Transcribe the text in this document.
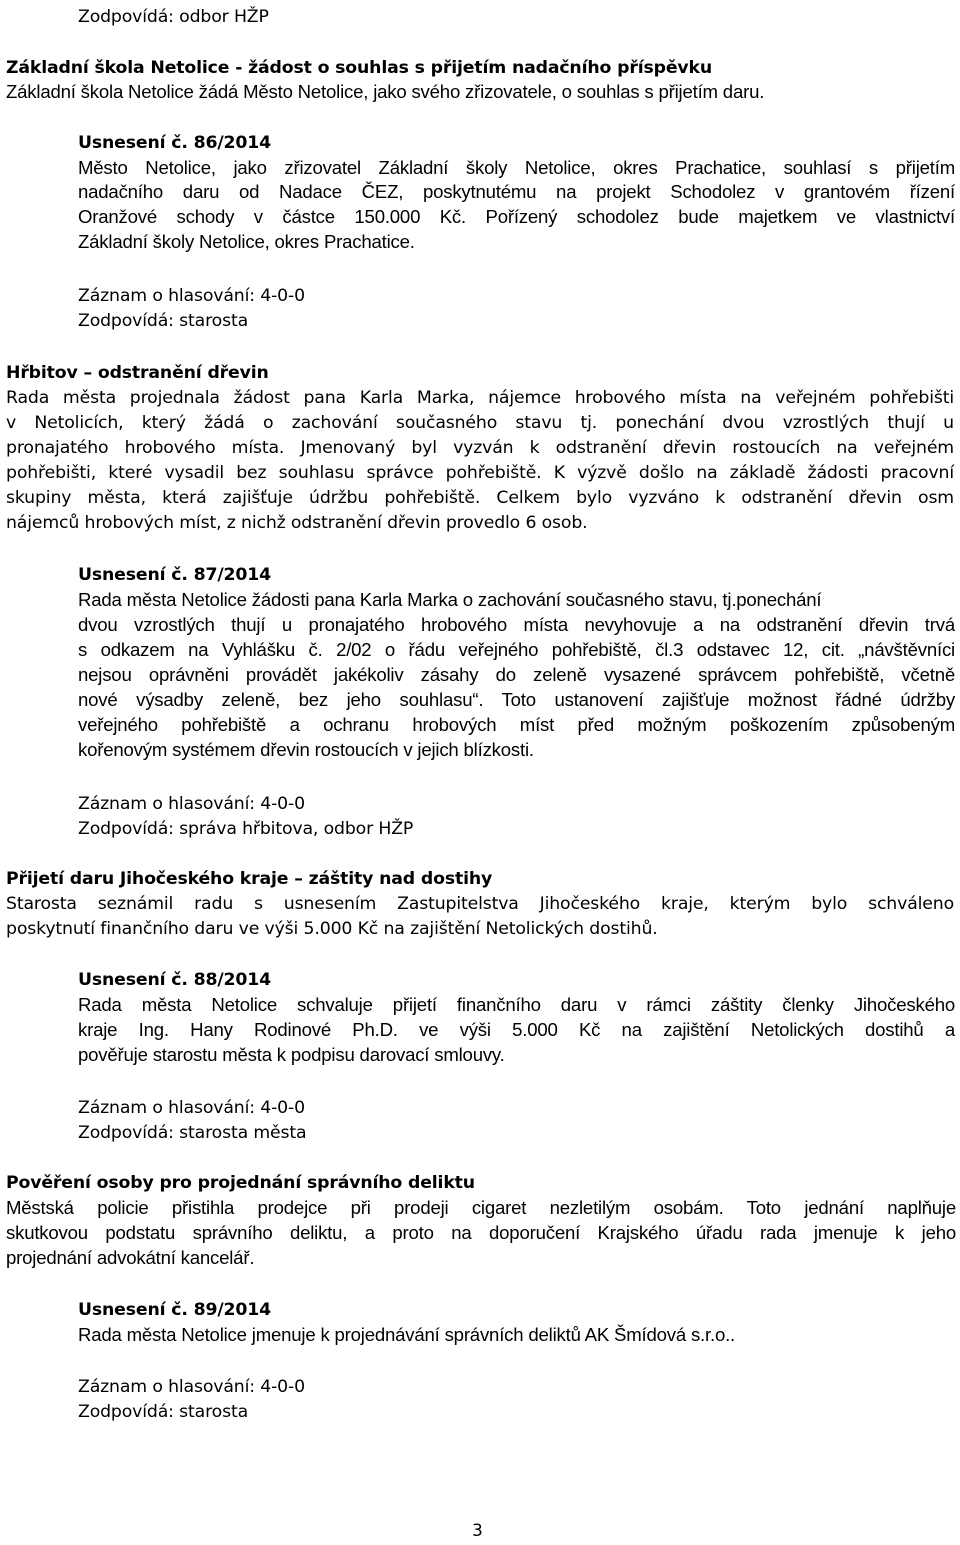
Zodpovídá: odbor HŽP
Základní škola Netolice - žádost o souhlas s přijetím nadačního příspěvku
Základní škola Netolice žádá Město Netolice, jako svého zřizovatele, o souhlas s přijetím daru.
Usnesení č. 86/2014
Město Netolice, jako zřizovatel Základní školy Netolice, okres Prachatice, souhlasí s přijetím
nadačního daru od Nadace ČEZ, poskytnutému na projekt Schodolez v grantovém řízení
Oranžové schody v částce 150.000 Kč. Pořízený schodolez bude majetkem ve vlastnictví
Základní školy Netolice, okres Prachatice.
Záznam o hlasování: 4-0-0
Zodpovídá: starosta
Hřbitov – odstranění dřevin
Rada města projednala žádost pana Karla Marka, nájemce hrobového místa na veřejném pohřebišti
v Netolicích, který žádá o zachování současného stavu tj. ponechání dvou vzrostlých thují u
pronajatého hrobového místa. Jmenovaný byl vyzván k odstranění dřevin rostoucích na veřejném
pohřebišti, které vysadil bez souhlasu správce pohřebiště. K výzvě došlo na základě žádosti pracovní
skupiny města, která zajišťuje údržbu pohřebiště. Celkem bylo vyzváno k odstranění dřevin osm
nájemců hrobových míst, z nichž odstranění dřevin provedlo 6 osob.
Usnesení č. 87/2014
Rada města Netolice žádosti pana Karla Marka o zachování současného stavu, tj.ponechání
dvou vzrostlých thují u pronajatého hrobového místa nevyhovuje a na odstranění dřevin trvá
s odkazem na Vyhlášku č. 2/02 o řádu veřejného pohřebiště, čl.3 odstavec 12, cit. „návštěvníci
nejsou oprávněni provádět jakékoliv zásahy do zeleně vysazené správcem pohřebiště, včetně
nové výsadby zeleně, bez jeho souhlasu“. Toto ustanovení zajišťuje možnost řádné údržby
veřejného pohřebiště a ochranu hrobových míst před možným poškozením způsobeným
kořenovým systémem dřevin rostoucích v jejich blízkosti.
Záznam o hlasování: 4-0-0
Zodpovídá: správa hřbitova, odbor HŽP
Přijetí daru Jihočeského kraje – záštity nad dostihy
Starosta seznámil radu s usnesením Zastupitelstva Jihočeského kraje, kterým bylo schváleno
poskytnutí finančního daru ve výši 5.000 Kč na zajištění Netolických dostihů.
Usnesení č. 88/2014
Rada města Netolice schvaluje přijetí finančního daru v rámci záštity členky Jihočeského
kraje Ing. Hany Rodinové Ph.D. ve výši 5.000 Kč na zajištění Netolických dostihů a
pověřuje starostu města k podpisu darovací smlouvy.
Záznam o hlasování: 4-0-0
Zodpovídá: starosta města
Pověření osoby pro projednání správního deliktu
Městská policie přistihla prodejce při prodeji cigaret nezletilým osobám. Toto jednání naplňuje
skutkovou podstatu správního deliktu, a proto na doporučení Krajského úřadu rada jmenuje k jeho
projednání advokátní kancelář.
Usnesení č. 89/2014
Rada města Netolice jmenuje k projednávání správních deliktů AK Šmídová s.r.o..
Záznam o hlasování: 4-0-0
Zodpovídá: starosta
3
